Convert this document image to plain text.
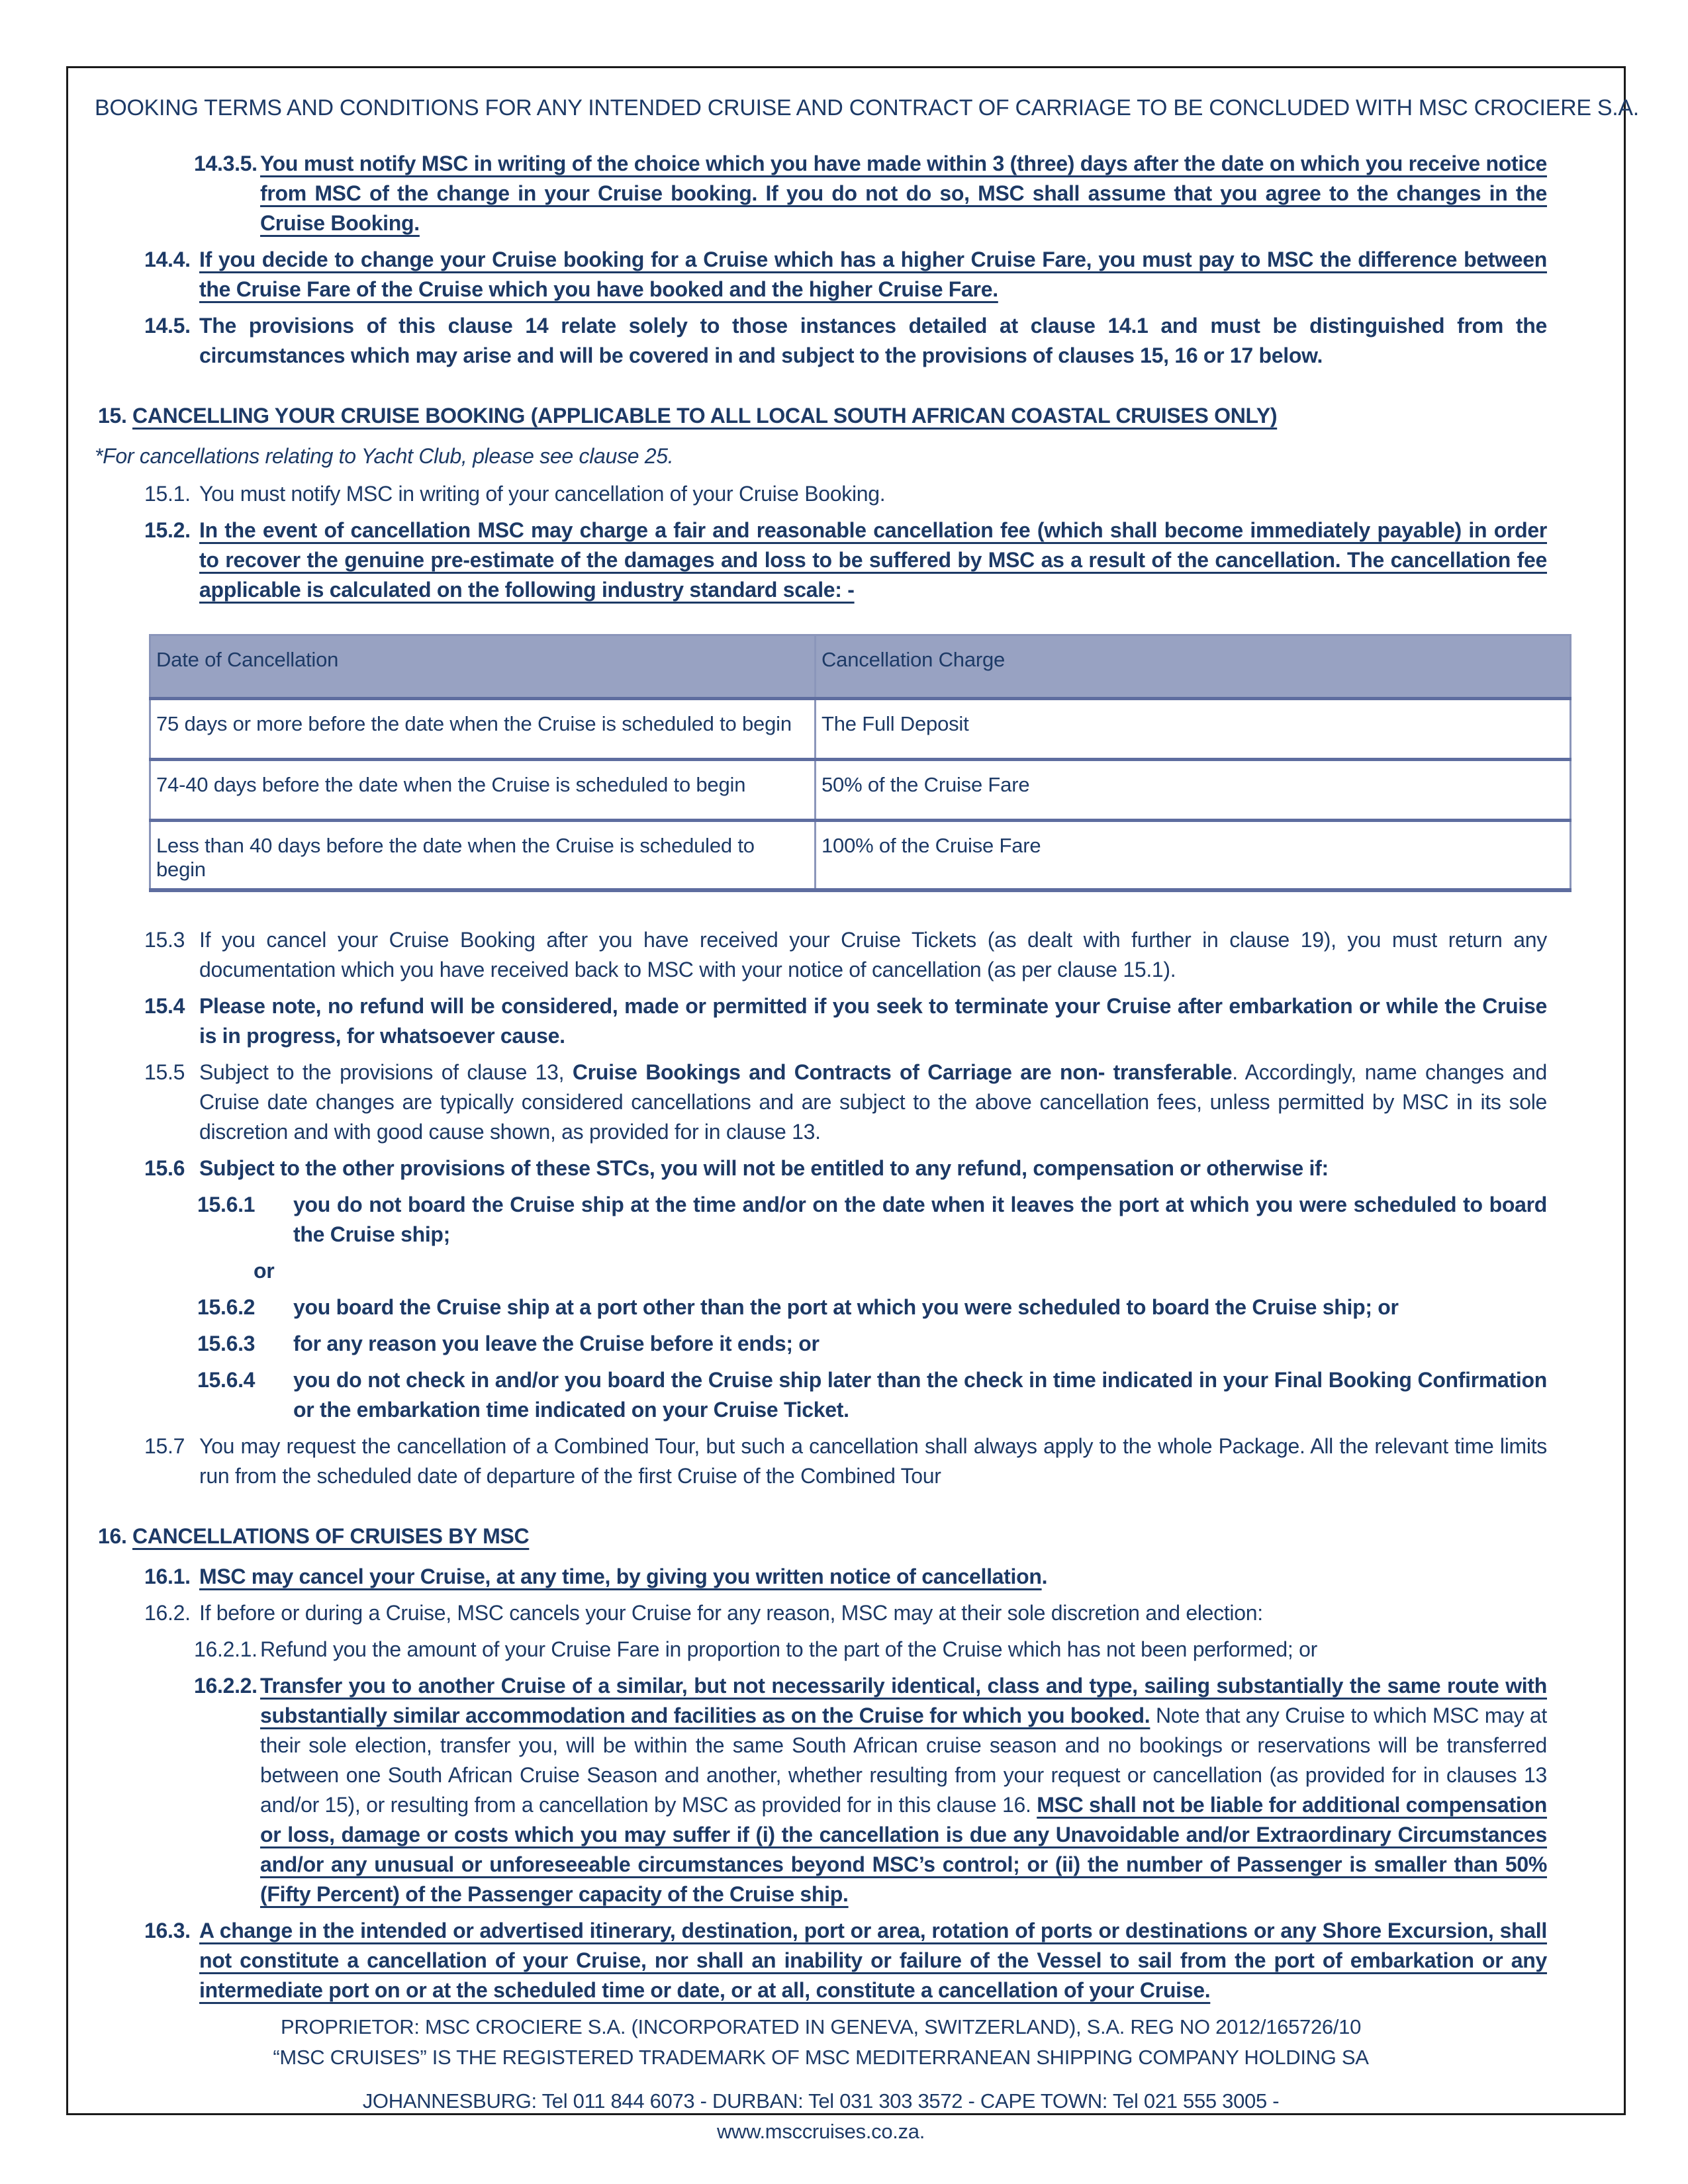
BOOKING TERMS AND CONDITIONS FOR ANY INTENDED CRUISE AND CONTRACT OF CARRIAGE TO BE CONCLUDED WITH MSC CROCIERE S.A.
14.3.5. You must notify MSC in writing of the choice which you have made within 3 (three) days after the date on which you receive notice from MSC of the change in your Cruise booking. If you do not do so, MSC shall assume that you agree to the changes in the Cruise Booking.
14.4. If you decide to change your Cruise booking for a Cruise which has a higher Cruise Fare, you must pay to MSC the difference between the Cruise Fare of the Cruise which you have booked and the higher Cruise Fare.
14.5. The provisions of this clause 14 relate solely to those instances detailed at clause 14.1 and must be distinguished from the circumstances which may arise and will be covered in and subject to the provisions of clauses 15, 16 or 17 below.
15. CANCELLING YOUR CRUISE BOOKING (APPLICABLE TO ALL LOCAL SOUTH AFRICAN COASTAL CRUISES ONLY)
*For cancellations relating to Yacht Club, please see clause 25.
15.1. You must notify MSC in writing of your cancellation of your Cruise Booking.
15.2. In the event of cancellation MSC may charge a fair and reasonable cancellation fee (which shall become immediately payable) in order to recover the genuine pre-estimate of the damages and loss to be suffered by MSC as a result of the cancellation. The cancellation fee applicable is calculated on the following industry standard scale: -
Date of Cancellation	Cancellation Charge
75 days or more before the date when the Cruise is scheduled to begin	The Full Deposit
74-40 days before the date when the Cruise is scheduled to begin	50% of the Cruise Fare
Less than 40 days before the date when the Cruise is scheduled to begin	100% of the Cruise Fare
15.3 If you cancel your Cruise Booking after you have received your Cruise Tickets (as dealt with further in clause 19), you must return any documentation which you have received back to MSC with your notice of cancellation (as per clause 15.1).
15.4 Please note, no refund will be considered, made or permitted if you seek to terminate your Cruise after embarkation or while the Cruise is in progress, for whatsoever cause.
15.5 Subject to the provisions of clause 13, Cruise Bookings and Contracts of Carriage are non- transferable. Accordingly, name changes and Cruise date changes are typically considered cancellations and are subject to the above cancellation fees, unless permitted by MSC in its sole discretion and with good cause shown, as provided for in clause 13.
15.6 Subject to the other provisions of these STCs, you will not be entitled to any refund, compensation or otherwise if:
15.6.1 you do not board the Cruise ship at the time and/or on the date when it leaves the port at which you were scheduled to board the Cruise ship;
or
15.6.2 you board the Cruise ship at a port other than the port at which you were scheduled to board the Cruise ship; or
15.6.3 for any reason you leave the Cruise before it ends; or
15.6.4 you do not check in and/or you board the Cruise ship later than the check in time indicated in your Final Booking Confirmation or the embarkation time indicated on your Cruise Ticket.
15.7 You may request the cancellation of a Combined Tour, but such a cancellation shall always apply to the whole Package. All the relevant time limits run from the scheduled date of departure of the first Cruise of the Combined Tour
16. CANCELLATIONS OF CRUISES BY MSC
16.1. MSC may cancel your Cruise, at any time, by giving you written notice of cancellation.
16.2. If before or during a Cruise, MSC cancels your Cruise for any reason, MSC may at their sole discretion and election:
16.2.1. Refund you the amount of your Cruise Fare in proportion to the part of the Cruise which has not been performed; or
16.2.2. Transfer you to another Cruise of a similar, but not necessarily identical, class and type, sailing substantially the same route with substantially similar accommodation and facilities as on the Cruise for which you booked. Note that any Cruise to which MSC may at their sole election, transfer you, will be within the same South African cruise season and no bookings or reservations will be transferred between one South African Cruise Season and another, whether resulting from your request or cancellation (as provided for in clauses 13 and/or 15), or resulting from a cancellation by MSC as provided for in this clause 16. MSC shall not be liable for additional compensation or loss, damage or costs which you may suffer if (i) the cancellation is due any Unavoidable and/or Extraordinary Circumstances and/or any unusual or unforeseeable circumstances beyond MSC’s control; or (ii) the number of Passenger is smaller than 50% (Fifty Percent) of the Passenger capacity of the Cruise ship.
16.3. A change in the intended or advertised itinerary, destination, port or area, rotation of ports or destinations or any Shore Excursion, shall not constitute a cancellation of your Cruise, nor shall an inability or failure of the Vessel to sail from the port of embarkation or any intermediate port on or at the scheduled time or date, or at all, constitute a cancellation of your Cruise.
PROPRIETOR: MSC CROCIERE S.A. (INCORPORATED IN GENEVA, SWITZERLAND), S.A. REG NO 2012/165726/10
“MSC CRUISES” IS THE REGISTERED TRADEMARK OF MSC MEDITERRANEAN SHIPPING COMPANY HOLDING SA
JOHANNESBURG: Tel 011 844 6073 - DURBAN: Tel 031 303 3572 - CAPE TOWN: Tel 021 555 3005 -
www.msccruises.co.za.
